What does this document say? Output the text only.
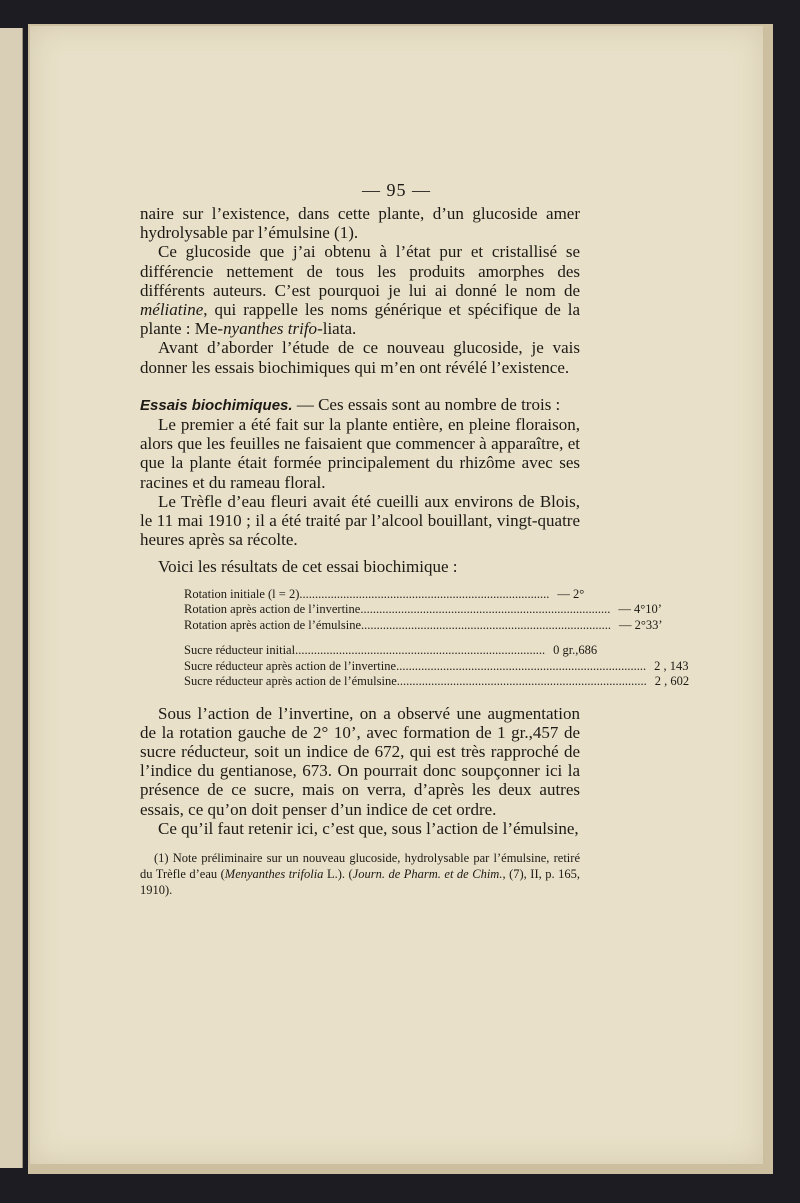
— 95 —

naire sur l’existence, dans cette plante, d’un glucoside amer hydrolysable par l’émulsine (1).

Ce glucoside que j’ai obtenu à l’état pur et cristallisé se différencie nettement de tous les produits amorphes des différents auteurs. C’est pourquoi je lui ai donné le nom de méliatine, qui rappelle les noms générique et spécifique de la plante : Me-nyanthes trifo-liata.

Avant d’aborder l’étude de ce nouveau glucoside, je vais donner les essais biochimiques qui m’en ont révélé l’existence.

Essais biochimiques. — Ces essais sont au nombre de trois :

Le premier a été fait sur la plante entière, en pleine floraison, alors que les feuilles ne faisaient que commencer à apparaître, et que la plante était formée principalement du rhizôme avec ses racines et du rameau floral.

Le Trèfle d’eau fleuri avait été cueilli aux environs de Blois, le 11 mai 1910 ; il a été traité par l’alcool bouillant, vingt-quatre heures après sa récolte.

Voici les résultats de cet essai biochimique :

Rotation initiale (l = 2) .....	— 2°
Rotation après action de l’invertine .....	— 4°10’
Rotation après action de l’émulsine .....	— 2°33’
Sucre réducteur initial .....	0 gr.,686
Sucre réducteur après action de l’invertine .....	2 , 143
Sucre réducteur après action de l’émulsine .....	2 , 602

Sous l’action de l’invertine, on a observé une augmentation de la rotation gauche de 2° 10’, avec formation de 1 gr.,457 de sucre réducteur, soit un indice de 672, qui est très rapproché de l’indice du gentianose, 673. On pourrait donc soupçonner ici la présence de ce sucre, mais on verra, d’après les deux autres essais, ce qu’on doit penser d’un indice de cet ordre.

Ce qu’il faut retenir ici, c’est que, sous l’action de l’émulsine,

(1) Note préliminaire sur un nouveau glucoside, hydrolysable par l’émulsine, retiré du Trèfle d’eau (Menyanthes trifolia L.). (Journ. de Pharm. et de Chim., (7), II, p. 165, 1910).
